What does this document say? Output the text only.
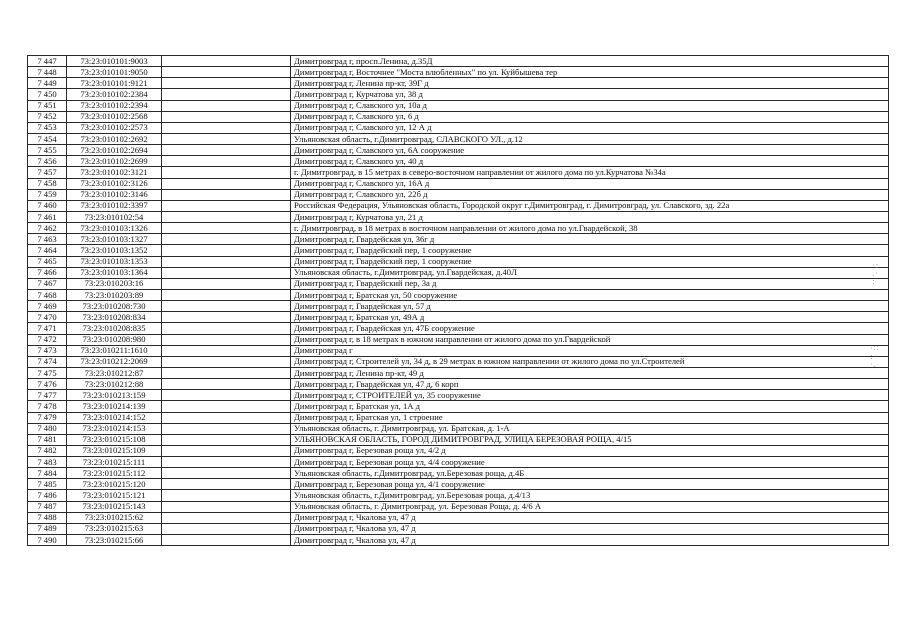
7 447	73:23:010101:9003		Димитровград г, просп.Ленина, д.35Д
7 448	73:23:010101:9050		Димитровград г, Восточнее "Моста влюбленных" по ул. Куйбышева тер
7 449	73:23:010101:9121		Димитровград г, Ленина пр-кт, 39Г д
7 450	73:23:010102:2384		Димитровград г, Курчатова ул, 38 д
7 451	73:23:010102:2394		Димитровград г, Славского ул, 10а д
7 452	73:23:010102:2568		Димитровград г, Славского ул, 6 д
7 453	73:23:010102:2573		Димитровград г, Славского ул, 12 А д
7 454	73:23:010102:2692		Ульяновская область, г.Димитровград, СЛАВСКОГО УЛ., д.12
7 455	73:23:010102:2694		Димитровград г, Славского ул, 6А сооружение
7 456	73:23:010102:2699		Димитровград г, Славского ул, 40 д
7 457	73:23:010102:3121		г. Димитровград, в 15 метрах в северо-восточном направлении от жилого дома по ул.Курчатова №34а
7 458	73:23:010102:3126		Димитровград г, Славского ул, 16А д
7 459	73:23:010102:3146		Димитровград г, Славского ул, 22б д
7 460	73:23:010102:3397		Российская Федерация, Ульяновская область, Городской округ г.Димитровград, г. Димитровград, ул. Славского, зд. 22а
7 461	73:23:010102:54		Димитровград г, Курчатова ул, 21 д
7 462	73:23:010103:1326		г. Димитровград, в 18 метрах в восточном направлении от жилого дома по ул.Гвардейской, 38
7 463	73:23:010103:1327		Димитровград г, Гвардейская ул, 36г д
7 464	73:23:010103:1352		Димитровград г, Гвардейский пер, 1 сооружение
7 465	73:23:010103:1353		Димитровград г, Гвардейский пер, 1 сооружение
7 466	73:23:010103:1364		Ульяновская область, г.Димитровград, ул.Гвардейская, д.40Л
7 467	73:23:010203:16		Димитровград г, Гвардейский пер, 3а д
7 468	73:23:010203:89		Димитровград г, Братская ул, 50 сооружение
7 469	73:23:010208:730		Димитровград г, Гвардейская ул, 57 д
7 470	73:23:010208:834		Димитровград г, Братская ул, 49А д
7 471	73:23:010208:835		Димитровград г, Гвардейская ул, 47Б сооружение
7 472	73:23:010208:980		Димитровград г, в 18 метрах в южном направлении от жилого дома по ул.Гвардейской
7 473	73:23:010211:1610		Димитровград г
7 474	73:23:010212:2069		Димитровград г, Строителей ул, 34 д, в 29 метрах в южном направлении от жилого дома по ул.Строителей
7 475	73:23:010212:87		Димитровград г, Ленина пр-кт, 49 д
7 476	73:23:010212:88		Димитровград г, Гвардейская ул, 47 д, 6 корп
7 477	73:23:010213:159		Димитровград г, СТРОИТЕЛЕЙ ул, 35 сооружение
7 478	73:23:010214:139		Димитровград г, Братская ул, 1А д
7 479	73:23:010214:152		Димитровград г, Братская ул, 1 строение
7 480	73:23:010214:153		Ульяновская область, г. Димитровград, ул. Братская, д. 1-А
7 481	73:23:010215:108		УЛЬЯНОВСКАЯ ОБЛАСТЬ, ГОРОД ДИМИТРОВГРАД, УЛИЦА БЕРЕЗОВАЯ РОЩА, 4/15
7 482	73:23:010215:109		Димитровград г, Березовая роща ул, 4/2 д
7 483	73:23:010215:111		Димитровград г, Березовая роща ул, 4/4 сооружение
7 484	73:23:010215:112		Ульяновская область, г.Димитровград, ул.Березовая роща, д.4Б
7 485	73:23:010215:120		Димитровград г, Березовая роща ул, 4/1 сооружение
7 486	73:23:010215:121		Ульяновская область, г.Димитровград, ул.Березовая роща, д.4/13
7 487	73:23:010215:143		Ульяновская область, г. Димитровград, ул. Березовая Роща, д. 4/6 А
7 488	73:23:010215:62		Димитровград г, Чкалова ул, 47 д
7 489	73:23:010215:63		Димитровград г, Чкалова ул, 47 д
7 490	73:23:010215:66		Димитровград г, Чкалова ул, 47 д
·:
.·
:
·∷
:·
·.
